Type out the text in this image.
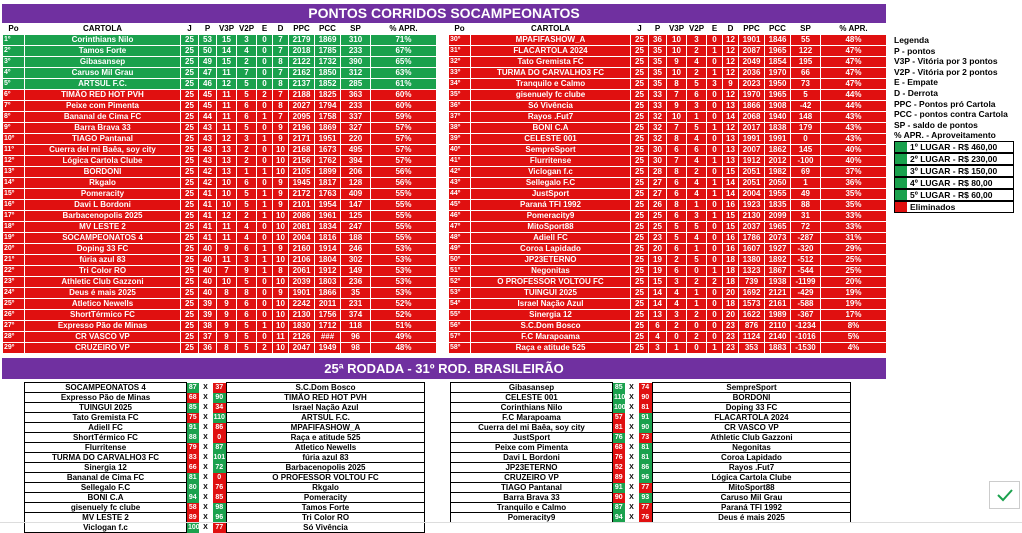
PONTOS CORRIDOS SOCAMPEONATOS
Po	CARTOLA	J	P	V3P	V2P	E	D	PPC	PCC	SP	% APR.
1º	Corinthians Nilo	25	53	15	3	0	7	2179	1869	310	71%
2º	Tamos Forte	25	50	14	4	0	7	2018	1785	233	67%
3º	Gibasansep	25	49	15	2	0	8	2122	1732	390	65%
4º	Caruso Mil Grau	25	47	11	7	0	7	2162	1850	312	63%
5º	ARTSUL F.C.	25	46	12	5	0	8	2137	1852	285	61%
6º	TIMÃO RED HOT PVH	25	45	11	5	2	7	2188	1825	363	60%
7º	Peixe com Pimenta	25	45	11	6	0	8	2027	1794	233	60%
8º	Bananal de Cima FC	25	44	11	6	1	7	2095	1758	337	59%
9º	Barra Brava 33	25	43	11	5	0	9	2196	1869	327	57%
10º	TIAGO Pantanal	25	43	12	3	1	9	2171	1951	220	57%
11º	Cuerra del mi Baêa, soy city	25	43	13	2	0	10	2168	1673	495	57%
12º	Lógica Cartola Clube	25	43	13	2	0	10	2156	1762	394	57%
13º	BORDONI	25	42	13	1	1	10	2105	1899	206	56%
14º	Rkgalo	25	42	10	6	0	9	1945	1817	128	56%
15º	Pomeracity	25	41	10	5	1	9	2172	1763	409	55%
16º	Davi L Bordoni	25	41	10	5	1	9	2101	1954	147	55%
17º	Barbacenopolis 2025	25	41	12	2	1	10	2086	1961	125	55%
18º	MV LESTE 2	25	41	11	4	0	10	2081	1834	247	55%
19º	SOCAMPEONATOS 4	25	41	11	4	0	10	2004	1816	188	55%
20º	Doping 33 FC	25	40	9	6	1	9	2160	1914	246	53%
21º	fúria azul 83	25	40	11	3	1	10	2106	1804	302	53%
22º	Tri Color RO	25	40	7	9	1	8	2061	1912	149	53%
23º	Athletic Club Gazzoni	25	40	10	5	0	10	2039	1803	236	53%
24º	Deus é mais 2025	25	40	8	8	0	9	1901	1866	35	53%
25º	Atletico Newells	25	39	9	6	0	10	2242	2011	231	52%
26º	ShortTérmico FC	25	39	9	6	0	10	2130	1756	374	52%
27º	Expresso Pão de Minas	25	38	9	5	1	10	1830	1712	118	51%
28º	CR VASCO VP	25	37	9	5	0	11	2126	###	96	49%
29º	CRUZEIRO VP	25	36	8	5	2	10	2047	1949	98	48%
Po	CARTOLA	J	P	V3P	V2P	E	D	PPC	PCC	SP	% APR.
30º	MPAFIFASHOW_A	25	36	10	3	0	12	1901	1846	55	48%
31º	FLACARTOLA 2024	25	35	10	2	1	12	2087	1965	122	47%
32º	Tato Gremista FC	25	35	9	4	0	12	2049	1854	195	47%
33º	TURMA DO CARVALHO3 FC	25	35	10	2	1	12	2036	1970	66	47%
34º	Tranquilo e Calmo	25	35	8	5	3	9	2023	1950	73	47%
35º	gisenuely fc clube	25	33	7	6	0	12	1970	1965	5	44%
36º	Só Vivência	25	33	9	3	0	13	1866	1908	-42	44%
37º	Rayos .Fut7	25	32	10	1	0	14	2068	1940	148	43%
38º	BONI C.A	25	32	7	5	1	12	2017	1838	179	43%
39º	CELESTE 001	25	32	8	4	0	13	1991	1991	0	43%
40º	SempreSport	25	30	6	6	0	13	2007	1862	145	40%
41º	Flurritense	25	30	7	4	1	13	1912	2012	-100	40%
42º	Viclogan f.c	25	28	8	2	0	15	2051	1982	69	37%
43º	Sellegalo F.C	25	27	6	4	1	14	2051	2050	1	36%
44º	JustSport	25	27	6	4	1	14	2004	1955	49	35%
45º	Paraná TFI 1992	25	26	8	1	0	16	1923	1835	88	35%
46º	Pomeracity9	25	25	6	3	1	15	2130	2099	31	33%
47º	MitoSport88	25	25	5	5	0	15	2037	1965	72	33%
48º	Adiell FC	25	23	5	4	0	16	1786	2073	-287	31%
49º	Coroa Lapidado	25	20	6	1	0	16	1607	1927	-320	29%
50º	JP23ETERNO	25	19	2	5	0	18	1380	1892	-512	25%
51º	Negonitas	25	19	6	0	1	18	1323	1867	-544	25%
52º	O PROFESSOR VOLTOU FC	25	15	3	2	2	18	739	1938	-1199	20%
53º	TUINGUI 2025	25	14	4	1	0	20	1692	2121	-429	19%
54º	Israel Nação Azul	25	14	4	1	0	18	1573	2161	-588	19%
55º	Sinergia 12	25	13	3	2	0	20	1622	1989	-367	17%
56º	S.C.Dom Bosco	25	6	2	0	0	23	876	2110	-1234	8%
57º	F.C Marapoama	25	4	0	2	0	23	1124	2140	-1016	5%
58º	Raça e atitude 525	25	3	1	0	1	23	353	1883	-1530	4%
Legenda
P - pontos
V3P - Vitória por 3 pontos
V2P - Vitória por 2 pontos
E - Empate
D - Derrota
PPC - Pontos pró Cartola
PCC - pontos contra Cartola
SP - saldo de pontos
% APR. - Aproveitamento
1º LUGAR - R$ 460,00
2º LUGAR - R$ 230,00
3º LUGAR - R$ 150,00
4º LUGAR - R$ 80,00
5º LUGAR - R$ 60,00
Eliminados
25ª RODADA - 31º ROD. BRASILEIRÃO
SOCAMPEONATOS 4	87	X	37	S.C.Dom Bosco
Expresso Pão de Minas	68	X	90	TIMÃO RED HOT PVH
TUINGUI 2025	85	X	34	Israel Nação Azul
Tato Gremista FC	75	X	110	ARTSUL F.C.
Adiell FC	91	X	86	MPAFIFASHOW_A
ShortTérmico FC	88	X	0	Raça e atitude 525
Flurritense	79	X	87	Atletico Newells
TURMA DO CARVALHO3 FC	83	X	101	fúria azul 83
Sinergia 12	66	X	72	Barbacenopolis 2025
Bananal de Cima FC	81	X	0	O PROFESSOR VOLTOU FC
Sellegalo F.C	80	X	76	Rkgalo
BONI C.A	94	X	85	Pomeracity
gisenuely fc clube	58	X	98	Tamos Forte
MV LESTE 2	89	X	96	Tri Color RO
Viclogan f.c	100	X	77	Só Vivência
Gibasansep	85	X	74	SempreSport
CELESTE 001	110	X	90	BORDONI
Corinthians Nilo	100	X	81	Doping 33 FC
F.C Marapoama	57	X	91	FLACARTOLA 2024
Cuerra del mi Baêa, soy city	81	X	90	CR VASCO VP
JustSport	76	X	73	Athletic Club Gazzoni
Peixe com Pimenta	68	X	81	Negonitas
Davi L Bordoni	76	X	81	Coroa Lapidado
JP23ETERNO	52	X	86	Rayos .Fut7
CRUZEIRO VP	89	X	96	Lógica Cartola Clube
TIAGO Pantanal	91	X	77	MitoSport88
Barra Brava 33	90	X	93	Caruso Mil Grau
Tranquilo e Calmo	87	X	77	Paraná TFI 1992
Pomeracity9	94	X	76	Deus é mais 2025
